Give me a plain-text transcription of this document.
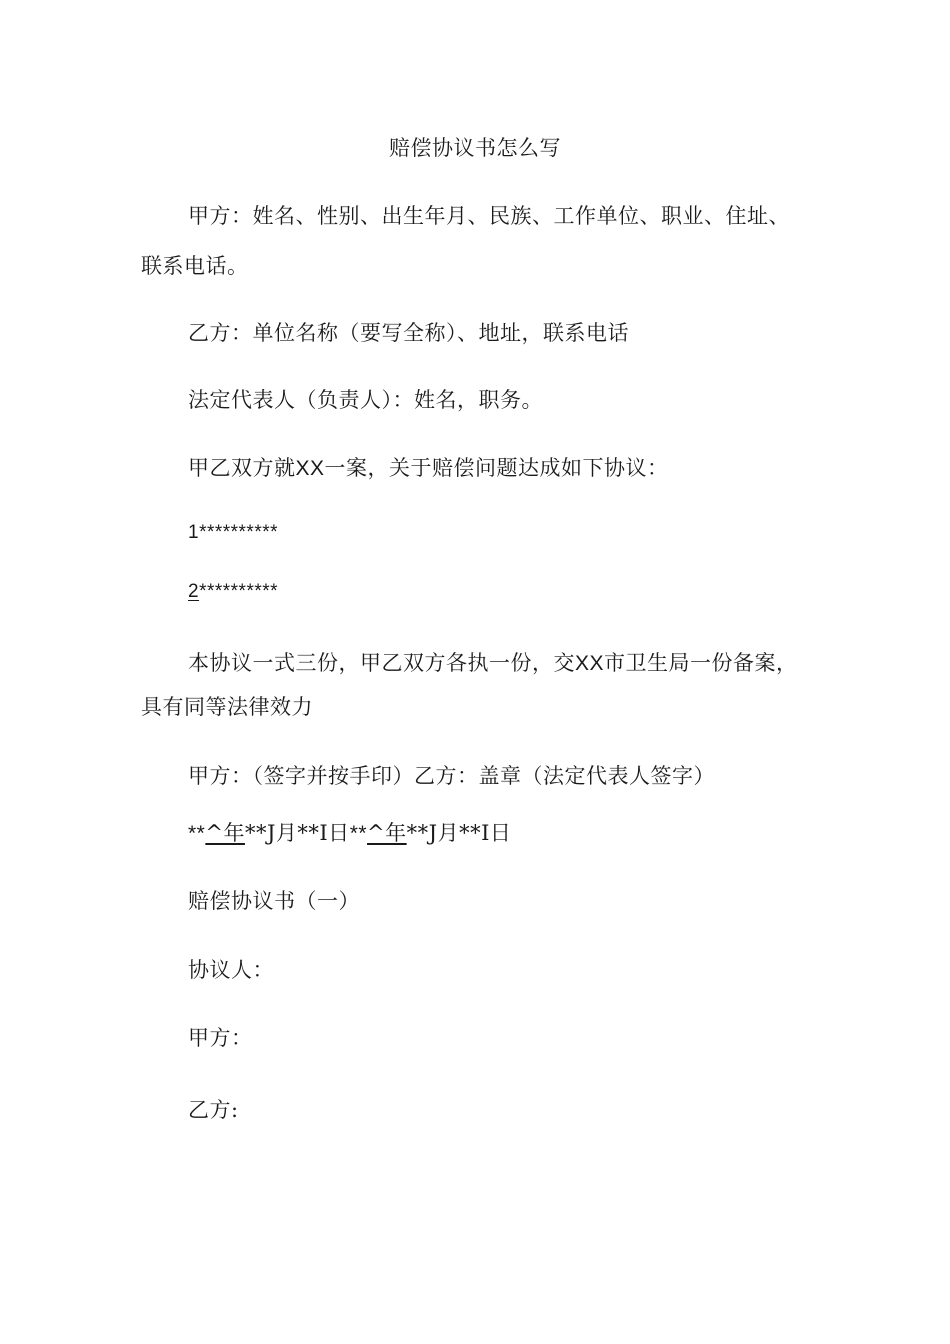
赔偿协议书怎么写
甲方：姓名、性别、出生年月、民族、工作单位、职业、住址、
联系电话。
乙方：单位名称（要写全称）、地址，联系电话
法定代表人（负责人）：姓名，职务。
甲乙双方就XX一案，关于赔偿问题达成如下协议：
1**********
2**********
本协议一式三份，甲乙双方各执一份，交XX市卫生局一份备案，
具有同等法律效力
甲方：（签字并按手印）乙方：盖章（法定代表人签字）
**^年**J月**I日**^年**J月**I日
赔偿协议书（一）
协议人：
甲方：
乙方:
